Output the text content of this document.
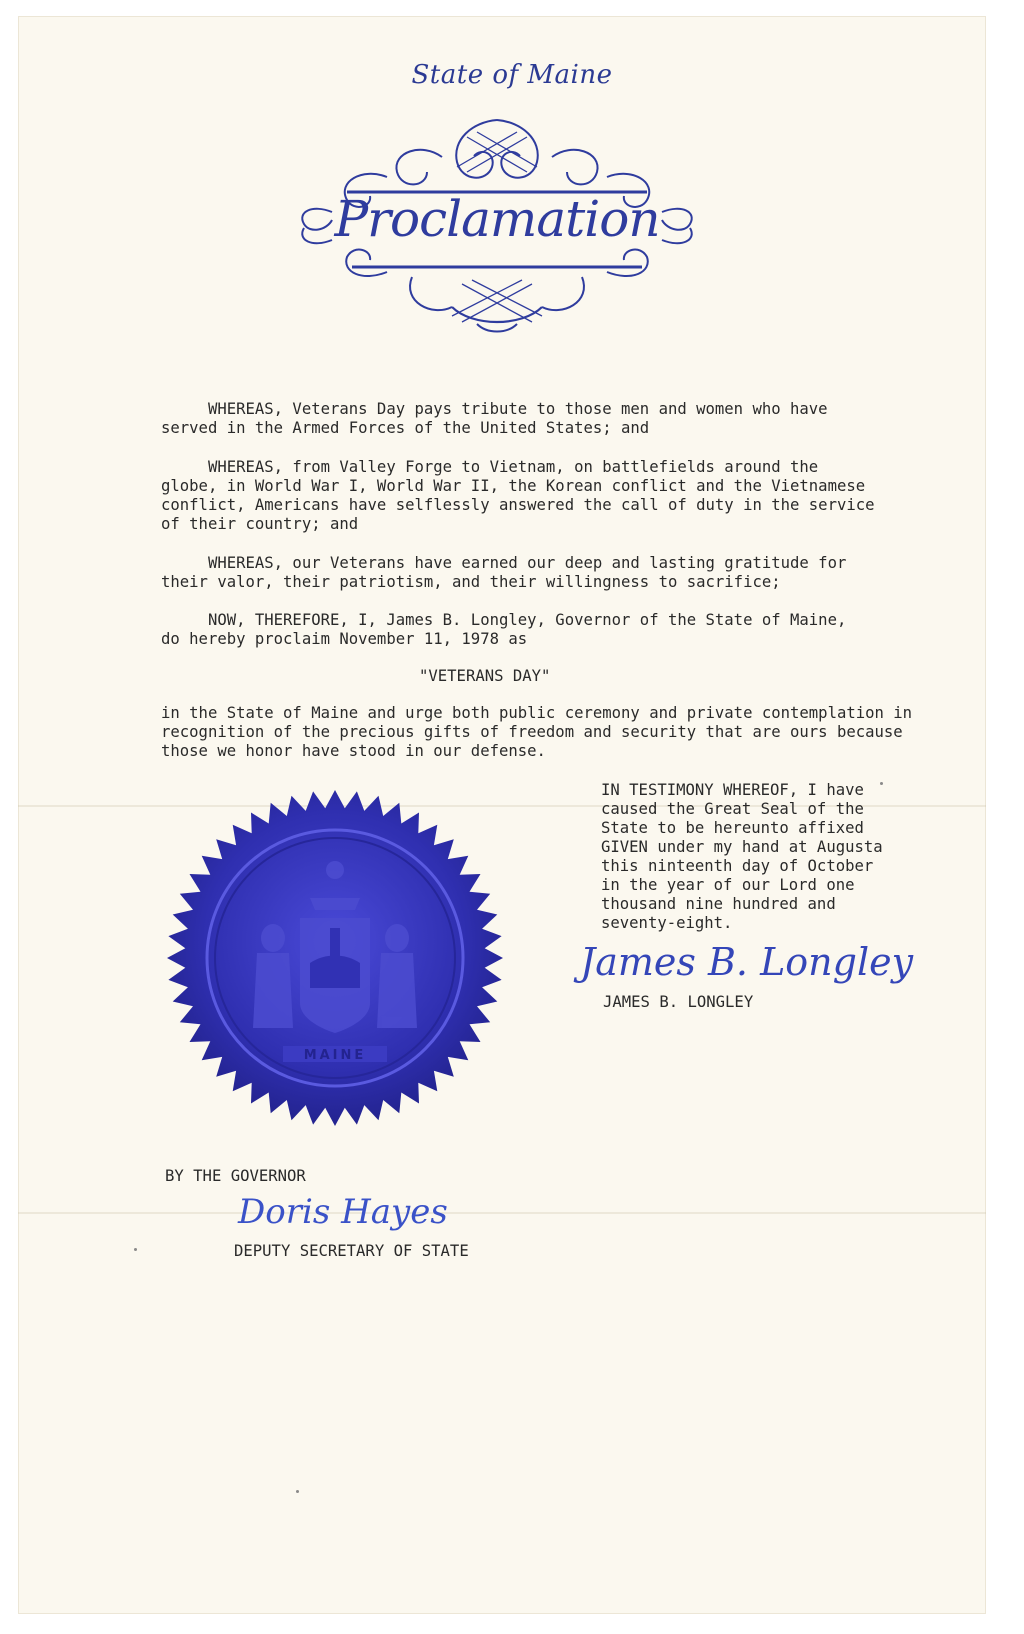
State of Maine
Proclamation
WHEREAS, Veterans Day pays tribute to those men and women who have
served in the Armed Forces of the United States; and
WHEREAS, from Valley Forge to Vietnam, on battlefields around the
globe, in World War I, World War II, the Korean conflict and the Vietnamese
conflict, Americans have selflessly answered the call of duty in the service
of their country; and
WHEREAS, our Veterans have earned our deep and lasting gratitude for
their valor, their patriotism, and their willingness to sacrifice;
NOW, THEREFORE, I, James B. Longley, Governor of the State of Maine,
do hereby proclaim November 11, 1978 as
"VETERANS DAY"
in the State of Maine and urge both public ceremony and private contemplation in
recognition of the precious gifts of freedom and security that are ours because
those we honor have stood in our defense.
IN TESTIMONY WHEREOF, I have
caused the Great Seal of the
State to be hereunto affixed
GIVEN under my hand at Augusta
this ninteenth day of October
in the year of our Lord one
thousand nine hundred and
seventy-eight.
James B. Longley
JAMES B. LONGLEY
MAINE
BY THE GOVERNOR
Doris Hayes
DEPUTY SECRETARY OF STATE
